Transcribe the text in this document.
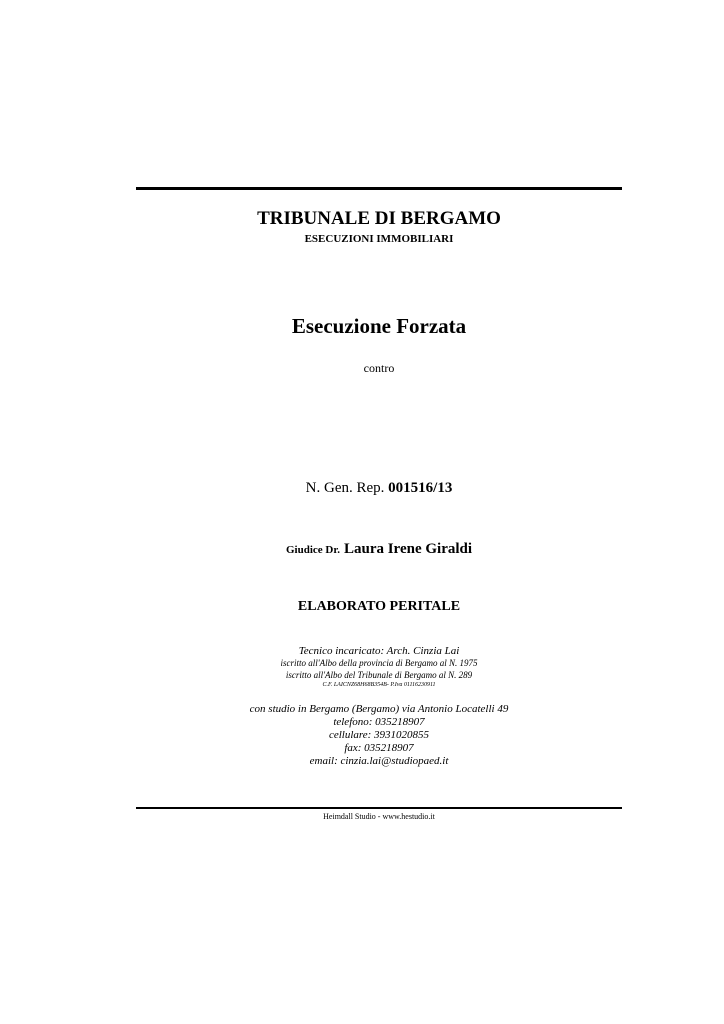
TRIBUNALE DI BERGAMO
ESECUZIONI IMMOBILIARI
Esecuzione Forzata
contro
N. Gen. Rep. 001516/13
Giudice Dr. Laura Irene Giraldi
ELABORATO PERITALE
Tecnico incaricato: Arch. Cinzia Lai
iscritto all'Albo della provincia di Bergamo al N. 1975
iscritto all'Albo del Tribunale di Bergamo al N. 289
C.F. LAICNZ68H68B354B- P.Iva 01116230911
con studio in Bergamo (Bergamo) via Antonio Locatelli 49
telefono: 035218907
cellulare: 3931020855
fax: 035218907
email: cinzia.lai@studiopaed.it
Heimdall Studio - www.hestudio.it
